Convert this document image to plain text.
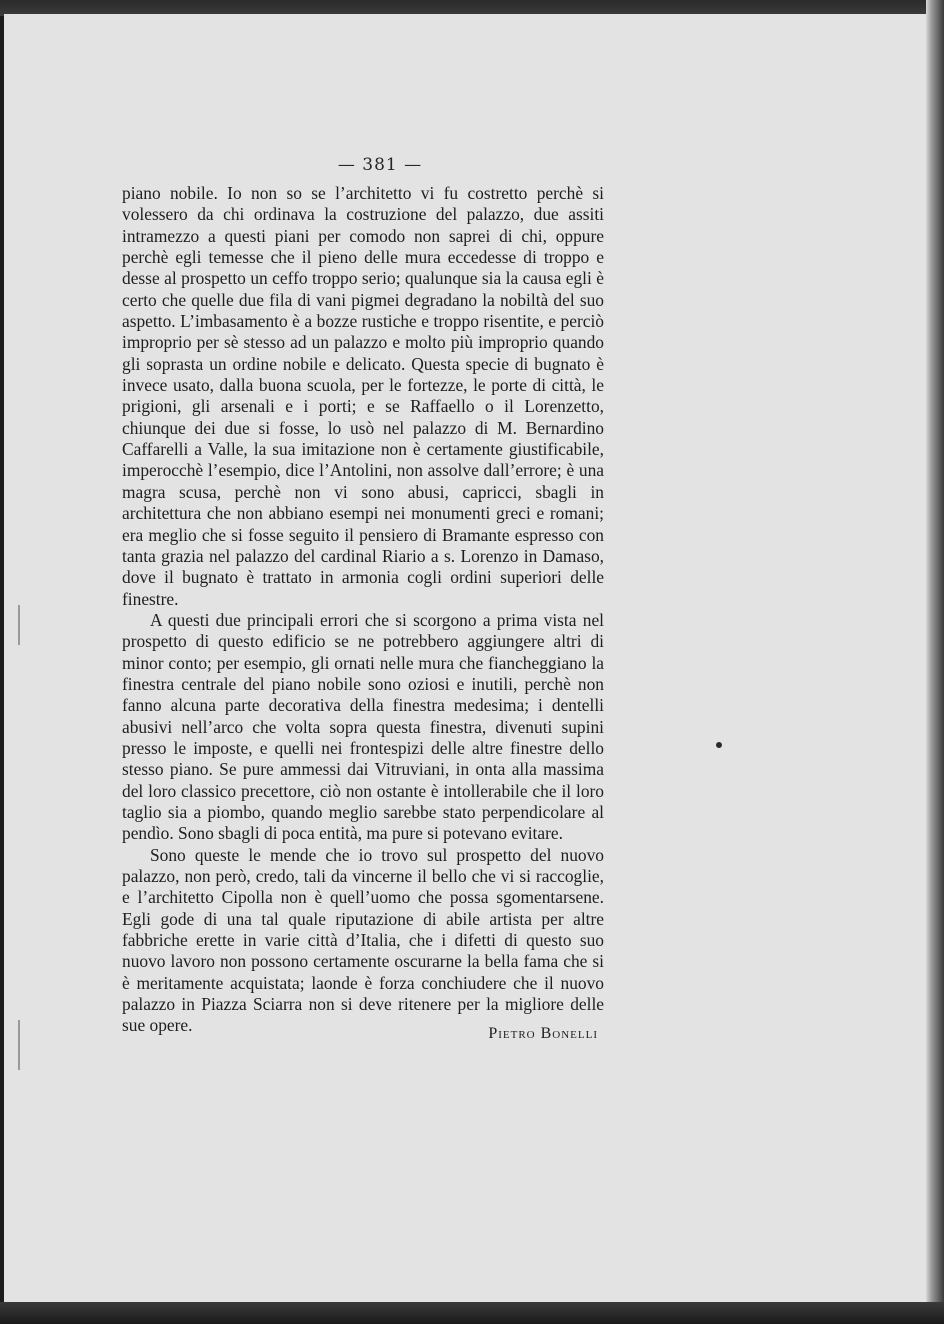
— 381 —

piano nobile. Io non so se l’architetto vi fu costretto perchè si volessero da chi ordinava la costruzione del palazzo, due assiti intramezzo a questi piani per comodo non saprei di chi, oppure perchè egli temesse che il pieno delle mura eccedesse di troppo e desse al prospetto un ceffo troppo serio; qualunque sia la causa egli è certo che quelle due fila di vani pigmei degradano la nobiltà del suo aspetto. L’imbasamento è a bozze rustiche e troppo risentite, e perciò improprio per sè stesso ad un palazzo e molto più improprio quando gli soprasta un ordine nobile e delicato. Questa specie di bugnato è invece usato, dalla buona scuola, per le fortezze, le porte di città, le prigioni, gli arsenali e i porti; e se Raffaello o il Lorenzetto, chiunque dei due si fosse, lo usò nel palazzo di M. Bernardino Caffarelli a Valle, la sua imitazione non è certamente giustificabile, imperocchè l’esempio, dice l’Antolini, non assolve dall’errore; è una magra scusa, perchè non vi sono abusi, capricci, sbagli in architettura che non abbiano esempi nei monumenti greci e romani; era meglio che si fosse seguito il pensiero di Bramante espresso con tanta grazia nel palazzo del cardinal Riario a s. Lorenzo in Damaso, dove il bugnato è trattato in armonia cogli ordini superiori delle finestre.

A questi due principali errori che si scorgono a prima vista nel prospetto di questo edificio se ne potrebbero aggiungere altri di minor conto; per esempio, gli ornati nelle mura che fiancheggiano la finestra centrale del piano nobile sono oziosi e inutili, perchè non fanno alcuna parte decorativa della finestra medesima; i dentelli abusivi nell’arco che volta sopra questa finestra, divenuti supini presso le imposte, e quelli nei frontespizi delle altre finestre dello stesso piano. Se pure ammessi dai Vitruviani, in onta alla massima del loro classico precettore, ciò non ostante è intollerabile che il loro taglio sia a piombo, quando meglio sarebbe stato perpendicolare al pendìo. Sono sbagli di poca entità, ma pure si potevano evitare.

Sono queste le mende che io trovo sul prospetto del nuovo palazzo, non però, credo, tali da vincerne il bello che vi si raccoglie, e l’architetto Cipolla non è quell’uomo che possa sgomentarsene. Egli gode di una tal quale riputazione di abile artista per altre fabbriche erette in varie città d’Italia, che i difetti di questo suo nuovo lavoro non possono certamente oscurarne la bella fama che si è meritamente acquistata; laonde è forza conchiudere che il nuovo palazzo in Piazza Sciarra non si deve ritenere per la migliore delle sue opere.	Pietro Bonelli
